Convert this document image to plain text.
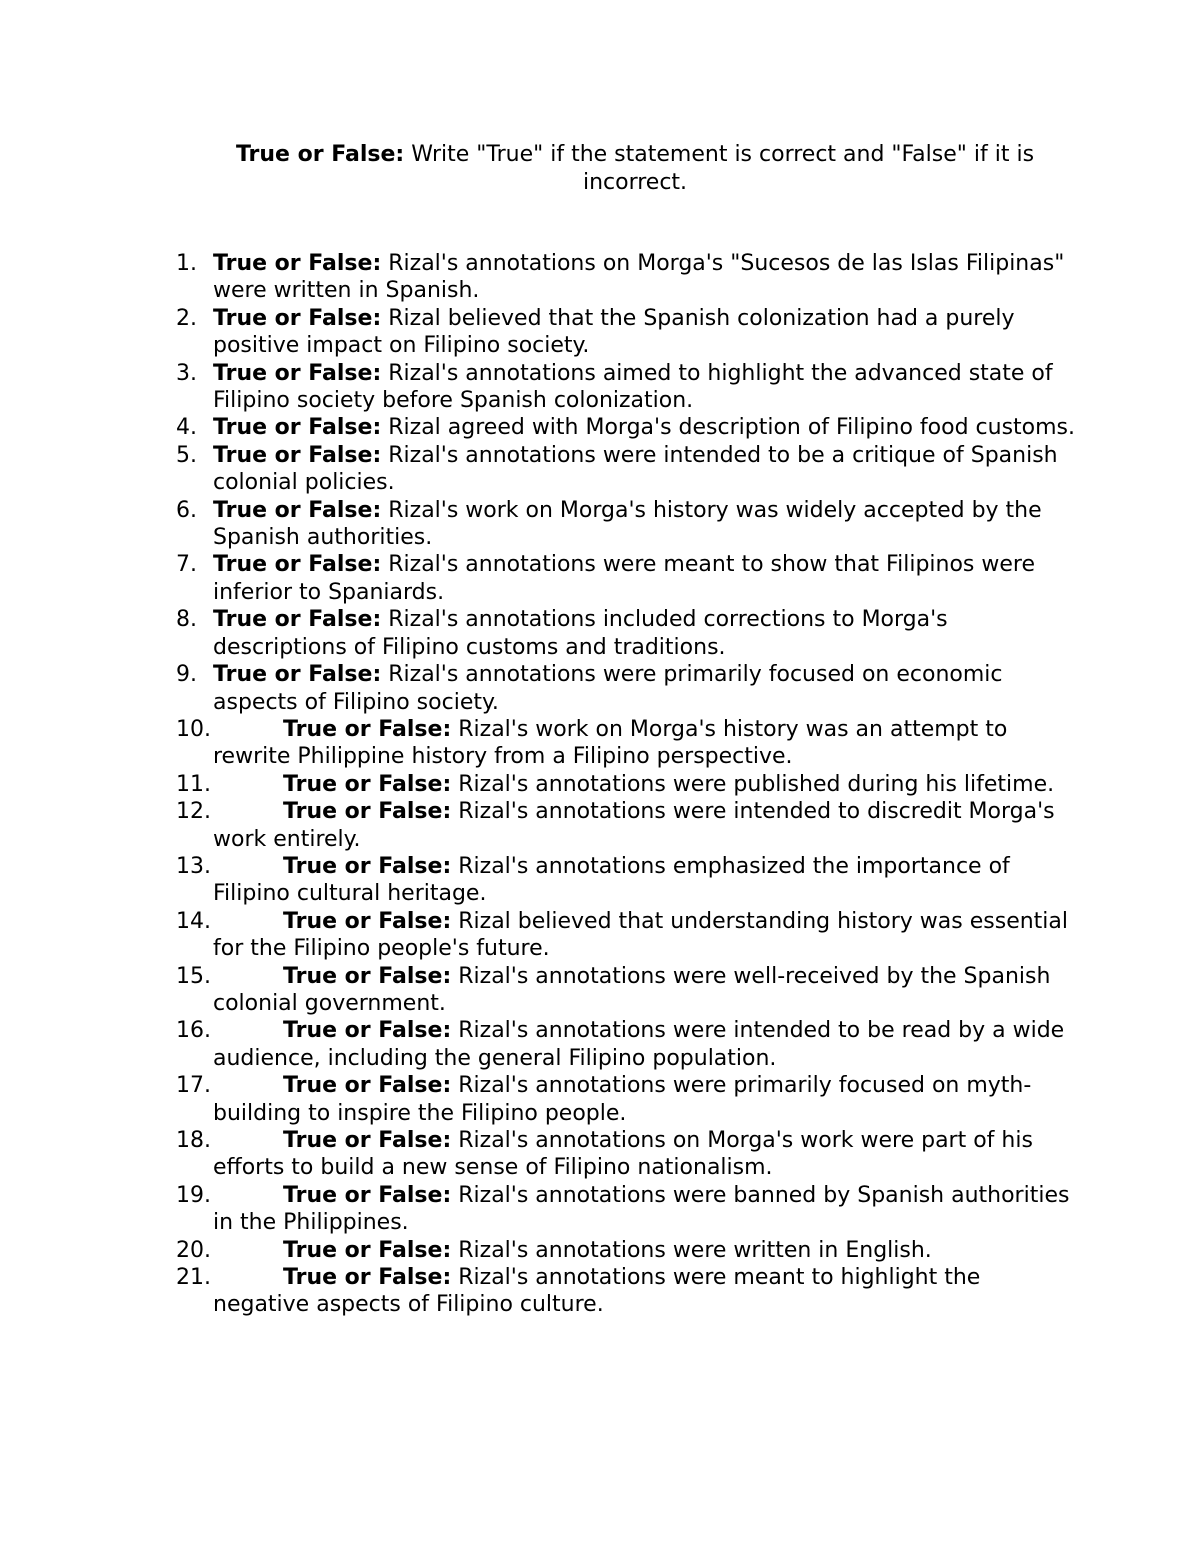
True or False: Write "True" if the statement is correct and "False" if it is incorrect.
1. True or False: Rizal's annotations on Morga's "Sucesos de las Islas Filipinas" were written in Spanish.
2. True or False: Rizal believed that the Spanish colonization had a purely positive impact on Filipino society.
3. True or False: Rizal's annotations aimed to highlight the advanced state of Filipino society before Spanish colonization.
4. True or False: Rizal agreed with Morga's description of Filipino food customs.
5. True or False: Rizal's annotations were intended to be a critique of Spanish colonial policies.
6. True or False: Rizal's work on Morga's history was widely accepted by the Spanish authorities.
7. True or False: Rizal's annotations were meant to show that Filipinos were inferior to Spaniards.
8. True or False: Rizal's annotations included corrections to Morga's descriptions of Filipino customs and traditions.
9. True or False: Rizal's annotations were primarily focused on economic aspects of Filipino society.
10.	True or False: Rizal's work on Morga's history was an attempt to rewrite Philippine history from a Filipino perspective.
11.	True or False: Rizal's annotations were published during his lifetime.
12.	True or False: Rizal's annotations were intended to discredit Morga's work entirely.
13.	True or False: Rizal's annotations emphasized the importance of Filipino cultural heritage.
14.	True or False: Rizal believed that understanding history was essential for the Filipino people's future.
15.	True or False: Rizal's annotations were well-received by the Spanish colonial government.
16.	True or False: Rizal's annotations were intended to be read by a wide audience, including the general Filipino population.
17.	True or False: Rizal's annotations were primarily focused on myth-building to inspire the Filipino people.
18.	True or False: Rizal's annotations on Morga's work were part of his efforts to build a new sense of Filipino nationalism.
19.	True or False: Rizal's annotations were banned by Spanish authorities in the Philippines.
20.	True or False: Rizal's annotations were written in English.
21.	True or False: Rizal's annotations were meant to highlight the negative aspects of Filipino culture.
